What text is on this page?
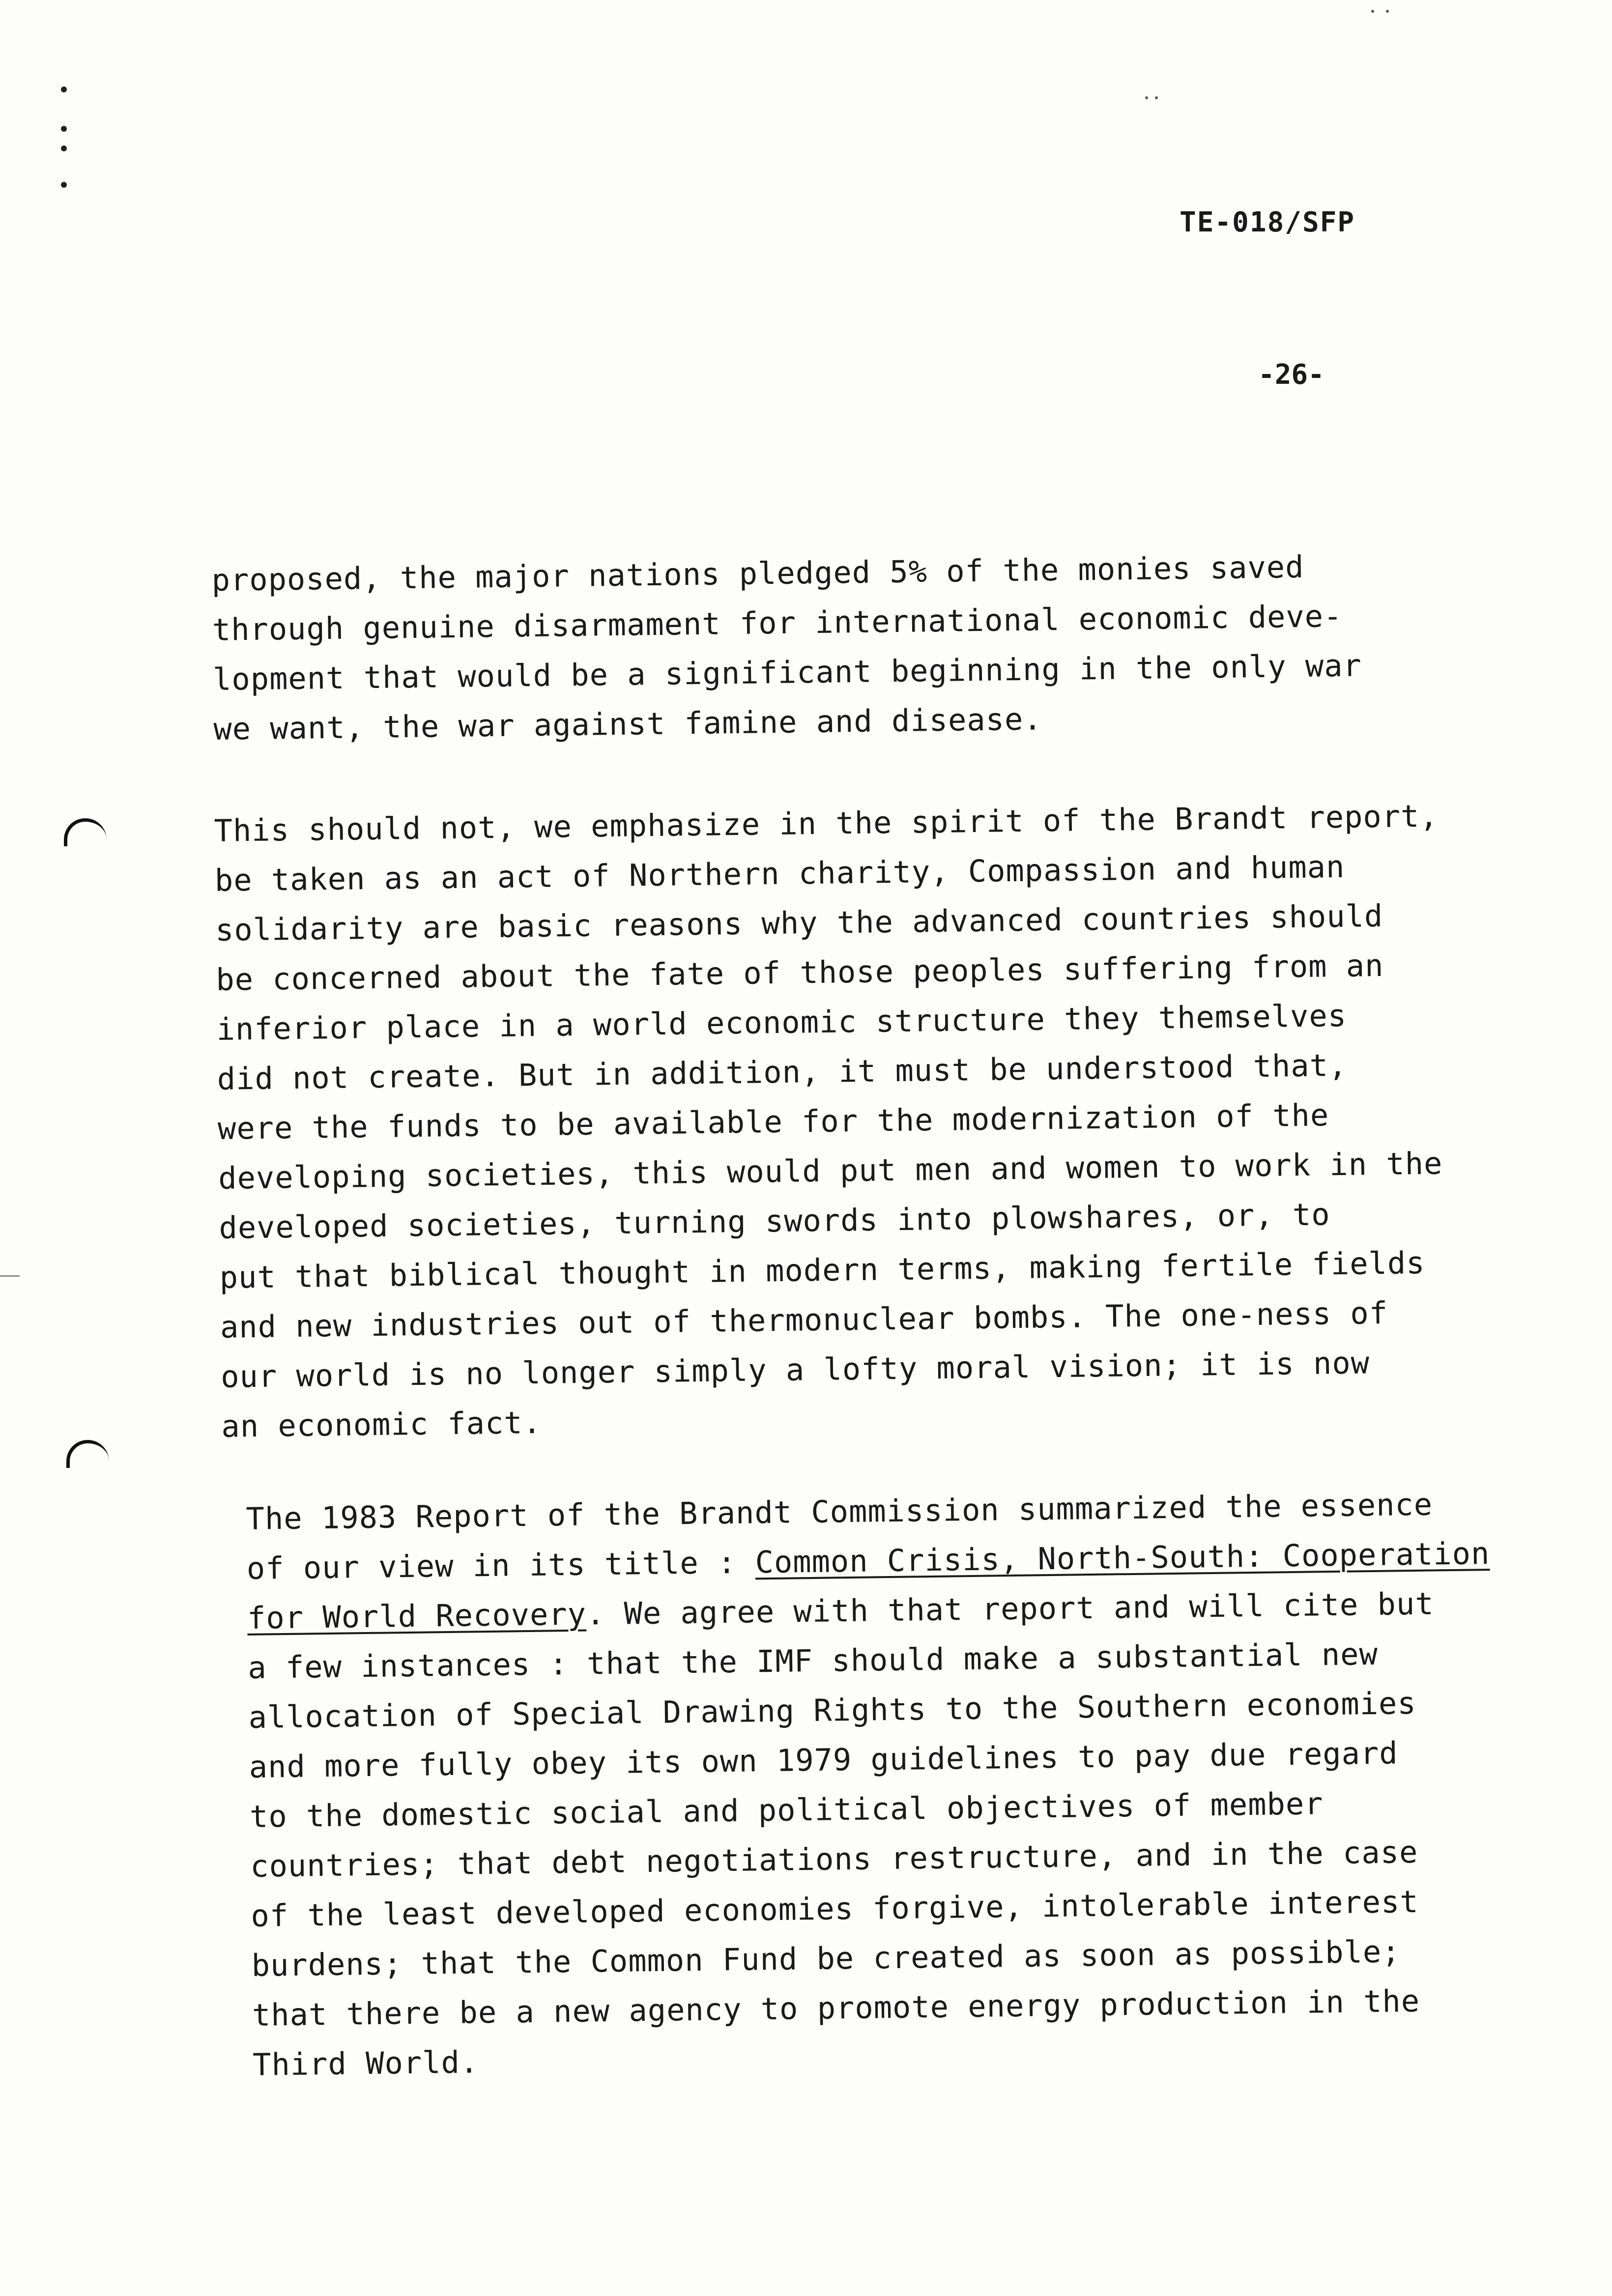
TE-018/SFP
-26-
proposed, the major nations pledged 5% of the monies saved
through genuine disarmament for international economic deve-
lopment that would be a significant beginning in the only war
we want, the war against famine and disease.
This should not, we emphasize in the spirit of the Brandt report,
be taken as an act of Northern charity, Compassion and human
solidarity are basic reasons why the advanced countries should
be concerned about the fate of those peoples suffering from an
inferior place in a world economic structure they themselves
did not create. But in addition, it must be understood that,
were the funds to be available for the modernization of the
developing societies, this would put men and women to work in the
developed societies, turning swords into plowshares, or, to
put that biblical thought in modern terms, making fertile fields
and new industries out of thermonuclear bombs. The one-ness of
our world is no longer simply a lofty moral vision; it is now
an economic fact.
The 1983 Report of the Brandt Commission summarized the essence
of our view in its title : Common Crisis, North-South: Cooperation
for World Recovery. We agree with that report and will cite but
a few instances : that the IMF should make a substantial new
allocation of Special Drawing Rights to the Southern economies
and more fully obey its own 1979 guidelines to pay due regard
to the domestic social and political objectives of member
countries; that debt negotiations restructure, and in the case
of the least developed economies forgive, intolerable interest
burdens; that the Common Fund be created as soon as possible;
that there be a new agency to promote energy production in the
Third World.
